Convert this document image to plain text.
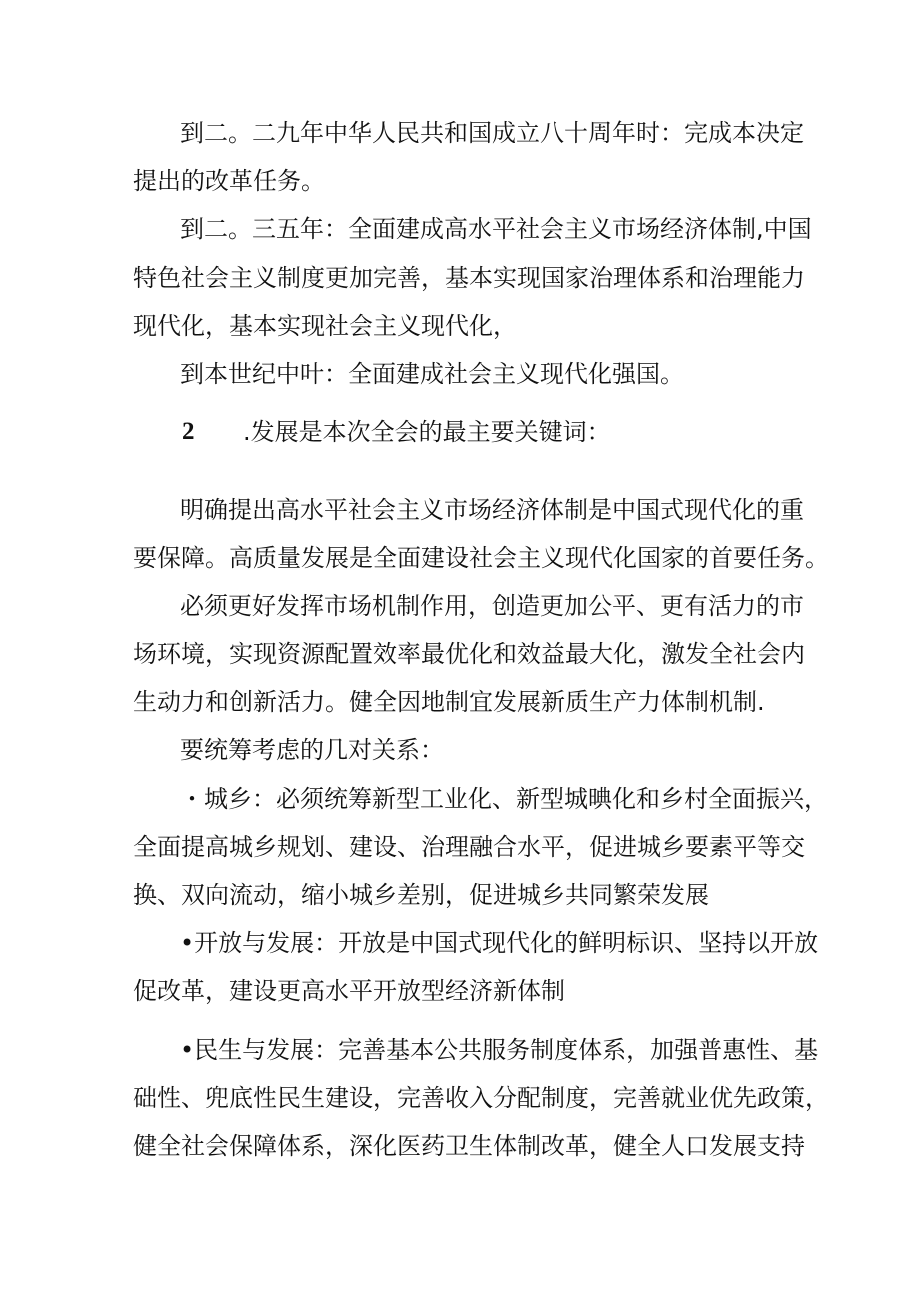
到二。二九年中华人民共和国成立八十周年时：完成本决定
提出的改革任务。
到二。三五年：全面建成高水平社会主义市场经济体制,中国
特色社会主义制度更加完善，基本实现国家治理体系和治理能力
现代化，基本实现社会主义现代化，
到本世纪中叶：全面建成社会主义现代化强国。
2 .发展是本次全会的最主要关键词：
明确提出高水平社会主义市场经济体制是中国式现代化的重
要保障。高质量发展是全面建设社会主义现代化国家的首要任务。
必须更好发挥市场机制作用，创造更加公平、更有活力的市
场环境，实现资源配置效率最优化和效益最大化，激发全社会内
生动力和创新活力。健全因地制宜发展新质生产力体制机制.
要统筹考虑的几对关系：
・城乡：必须统筹新型工业化、新型城晪化和乡村全面振兴，
全面提高城乡规划、建设、治理融合水平，促进城乡要素平等交
换、双向流动，缩小城乡差别，促进城乡共同繁荣发展
•开放与发展：开放是中国式现代化的鲜明标识、坚持以开放
促改革，建设更高水平开放型经济新体制
•民生与发展：完善基本公共服务制度体系，加强普惠性、基
础性、兜底性民生建设，完善收入分配制度，完善就业优先政策，
健全社会保障体系，深化医药卫生体制改革，健全人口发展支持
